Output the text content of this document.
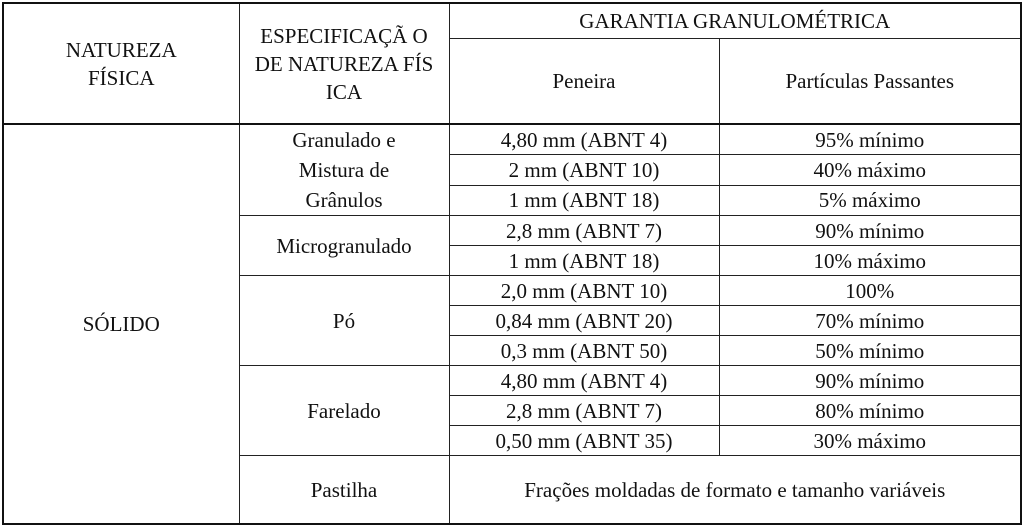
NATUREZA FÍSICA	ESPECIFICAÇÃ O DE NATUREZA FÍSICA	GARANTIA GRANULOMÉTRICA	
		Peneira	Partículas Passantes
SÓLIDO	Granulado e Mistura de Grânulos	4,80 mm (ABNT 4)	95% mínimo
		2 mm (ABNT 10)	40% máximo
		1 mm (ABNT 18)	5% máximo

	Microgranulado	2,8 mm (ABNT 7)	90% mínimo
		1 mm (ABNT 18)	10% máximo

	Pó	2,0 mm (ABNT 10)	100%
		0,84 mm (ABNT 20)	70% mínimo
		0,3 mm (ABNT 50)	50% mínimo

	Farelado	4,80 mm (ABNT 4)	90% mínimo
		2,8 mm (ABNT 7)	80% mínimo
		0,50 mm (ABNT 35)	30% máximo
	Pastilha	Frações moldadas de formato e tamanho variáveis	
